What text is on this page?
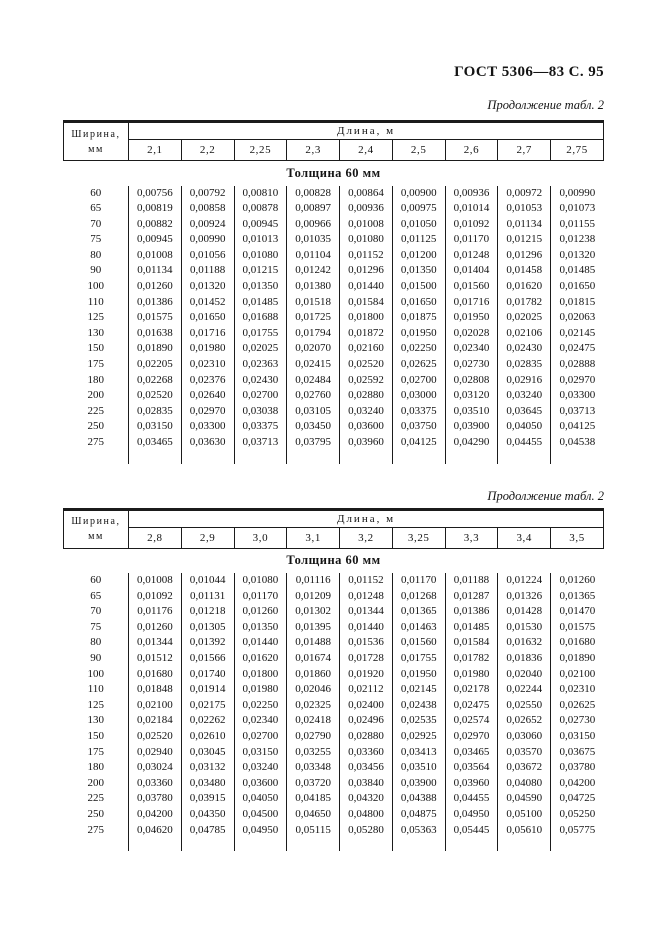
ГОСТ 5306—83 С. 95
Продолжение табл. 2
Ширина,
мм	Длина, м								
	2,1	2,2	2,25	2,3	2,4	2,5	2,6	2,7	2,75
Толщина 60 мм									
60	0,00756	0,00792	0,00810	0,00828	0,00864	0,00900	0,00936	0,00972	0,00990
65	0,00819	0,00858	0,00878	0,00897	0,00936	0,00975	0,01014	0,01053	0,01073
70	0,00882	0,00924	0,00945	0,00966	0,01008	0,01050	0,01092	0,01134	0,01155
75	0,00945	0,00990	0,01013	0,01035	0,01080	0,01125	0,01170	0,01215	0,01238
80	0,01008	0,01056	0,01080	0,01104	0,01152	0,01200	0,01248	0,01296	0,01320
90	0,01134	0,01188	0,01215	0,01242	0,01296	0,01350	0,01404	0,01458	0,01485
100	0,01260	0,01320	0,01350	0,01380	0,01440	0,01500	0,01560	0,01620	0,01650
110	0,01386	0,01452	0,01485	0,01518	0,01584	0,01650	0,01716	0,01782	0,01815
125	0,01575	0,01650	0,01688	0,01725	0,01800	0,01875	0,01950	0,02025	0,02063
130	0,01638	0,01716	0,01755	0,01794	0,01872	0,01950	0,02028	0,02106	0,02145
150	0,01890	0,01980	0,02025	0,02070	0,02160	0,02250	0,02340	0,02430	0,02475
175	0,02205	0,02310	0,02363	0,02415	0,02520	0,02625	0,02730	0,02835	0,02888
180	0,02268	0,02376	0,02430	0,02484	0,02592	0,02700	0,02808	0,02916	0,02970
200	0,02520	0,02640	0,02700	0,02760	0,02880	0,03000	0,03120	0,03240	0,03300
225	0,02835	0,02970	0,03038	0,03105	0,03240	0,03375	0,03510	0,03645	0,03713
250	0,03150	0,03300	0,03375	0,03450	0,03600	0,03750	0,03900	0,04050	0,04125
275	0,03465	0,03630	0,03713	0,03795	0,03960	0,04125	0,04290	0,04455	0,04538

Продолжение табл. 2
Ширина,
мм	Длина, м								
	2,8	2,9	3,0	3,1	3,2	3,25	3,3	3,4	3,5
Толщина 60 мм									
60	0,01008	0,01044	0,01080	0,01116	0,01152	0,01170	0,01188	0,01224	0,01260
65	0,01092	0,01131	0,01170	0,01209	0,01248	0,01268	0,01287	0,01326	0,01365
70	0,01176	0,01218	0,01260	0,01302	0,01344	0,01365	0,01386	0,01428	0,01470
75	0,01260	0,01305	0,01350	0,01395	0,01440	0,01463	0,01485	0,01530	0,01575
80	0,01344	0,01392	0,01440	0,01488	0,01536	0,01560	0,01584	0,01632	0,01680
90	0,01512	0,01566	0,01620	0,01674	0,01728	0,01755	0,01782	0,01836	0,01890
100	0,01680	0,01740	0,01800	0,01860	0,01920	0,01950	0,01980	0,02040	0,02100
110	0,01848	0,01914	0,01980	0,02046	0,02112	0,02145	0,02178	0,02244	0,02310
125	0,02100	0,02175	0,02250	0,02325	0,02400	0,02438	0,02475	0,02550	0,02625
130	0,02184	0,02262	0,02340	0,02418	0,02496	0,02535	0,02574	0,02652	0,02730
150	0,02520	0,02610	0,02700	0,02790	0,02880	0,02925	0,02970	0,03060	0,03150
175	0,02940	0,03045	0,03150	0,03255	0,03360	0,03413	0,03465	0,03570	0,03675
180	0,03024	0,03132	0,03240	0,03348	0,03456	0,03510	0,03564	0,03672	0,03780
200	0,03360	0,03480	0,03600	0,03720	0,03840	0,03900	0,03960	0,04080	0,04200
225	0,03780	0,03915	0,04050	0,04185	0,04320	0,04388	0,04455	0,04590	0,04725
250	0,04200	0,04350	0,04500	0,04650	0,04800	0,04875	0,04950	0,05100	0,05250
275	0,04620	0,04785	0,04950	0,05115	0,05280	0,05363	0,05445	0,05610	0,05775
